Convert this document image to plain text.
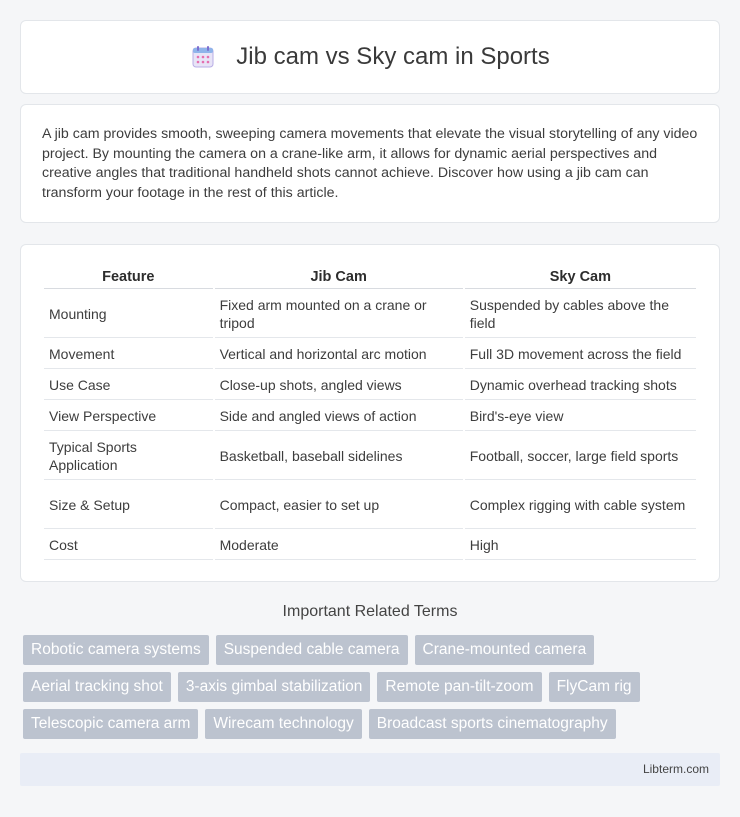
Jib cam vs Sky cam in Sports

A jib cam provides smooth, sweeping camera movements that elevate the visual storytelling of any video project. By mounting the camera on a crane-like arm, it allows for dynamic aerial perspectives and creative angles that traditional handheld shots cannot achieve. Discover how using a jib cam can transform your footage in the rest of this article.

Feature	Jib Cam	Sky Cam
Mounting	Fixed arm mounted on a crane or tripod	Suspended by cables above the field
Movement	Vertical and horizontal arc motion	Full 3D movement across the field
Use Case	Close-up shots, angled views	Dynamic overhead tracking shots
View Perspective	Side and angled views of action	Bird's-eye view
Typical Sports Application	Basketball, baseball sidelines	Football, soccer, large field sports
Size & Setup	Compact, easier to set up	Complex rigging with cable system
Cost	Moderate	High
Important Related Terms
Robotic camera systems	Suspended cable camera	Crane-mounted camera
Aerial tracking shot	3-axis gimbal stabilization	Remote pan-tilt-zoom	FlyCam rig
Telescopic camera arm	Wirecam technology	Broadcast sports cinematography
Libterm.com
